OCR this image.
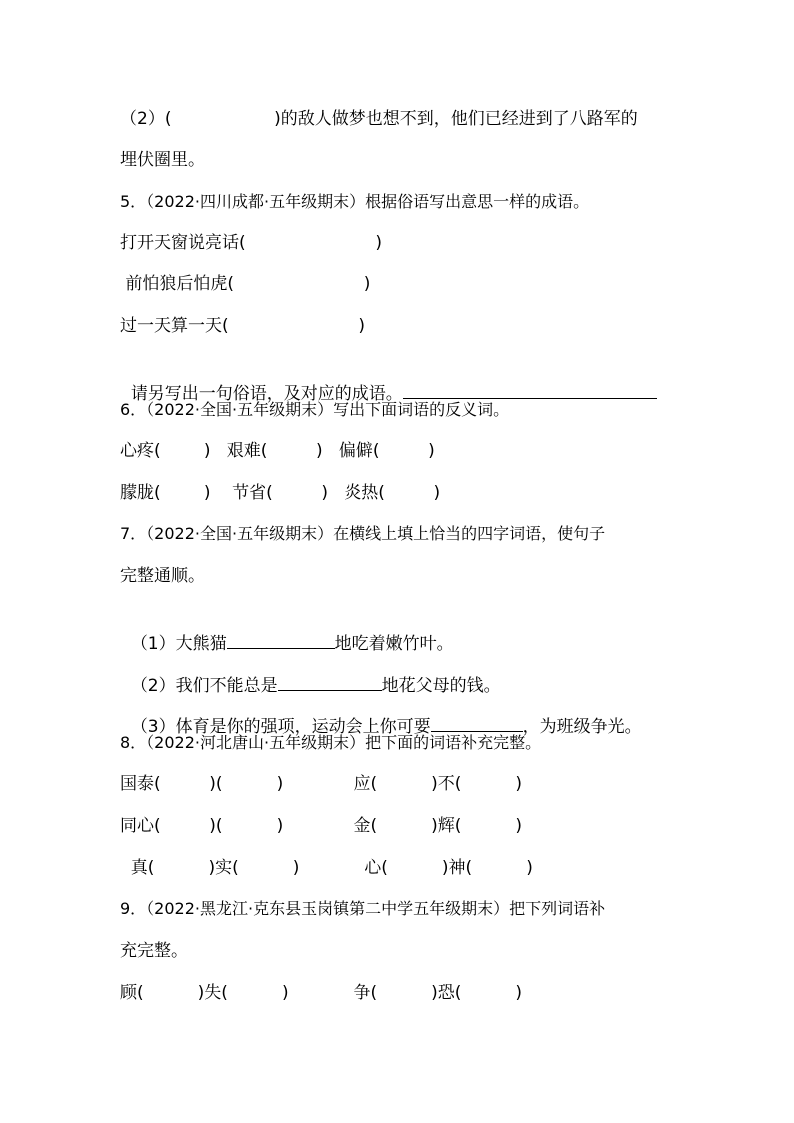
（2）(                   )的敌人做梦也想不到，他们已经进到了八路军的
埋伏圈里。
5．（2022·四川成都·五年级期末）根据俗语写出意思一样的成语。
打开天窗说亮话(                        )
前怕狼后怕虎(                        )
过一天算一天(                        )

请另写出一句俗语，及对应的成语。

6．（2022·全国·五年级期末）写出下面词语的反义词。
心疼(        )   艰难(         )   偏僻(         )
朦胧(        )    节省(         )   炎热(         )
7．（2022·全国·五年级期末）在横线上填上恰当的四字词语，使句子
完整通顺。

（1）大熊猫	地吃着嫩竹叶。

（2）我们不能总是	地花父母的钱。

（3）体育是你的强项，运动会上你可要	，为班级争光。

8．（2022·河北唐山·五年级期末）把下面的词语补充完整。
国泰(         )(          )             应(          )不(          )
同心(         )(          )             金(          )辉(          )
真(          )实(          )            心(          )神(          )
9．（2022·黑龙江·克东县玉岗镇第二中学五年级期末）把下列词语补
充完整。
顾(          )失(          )            争(          )恐(          )
